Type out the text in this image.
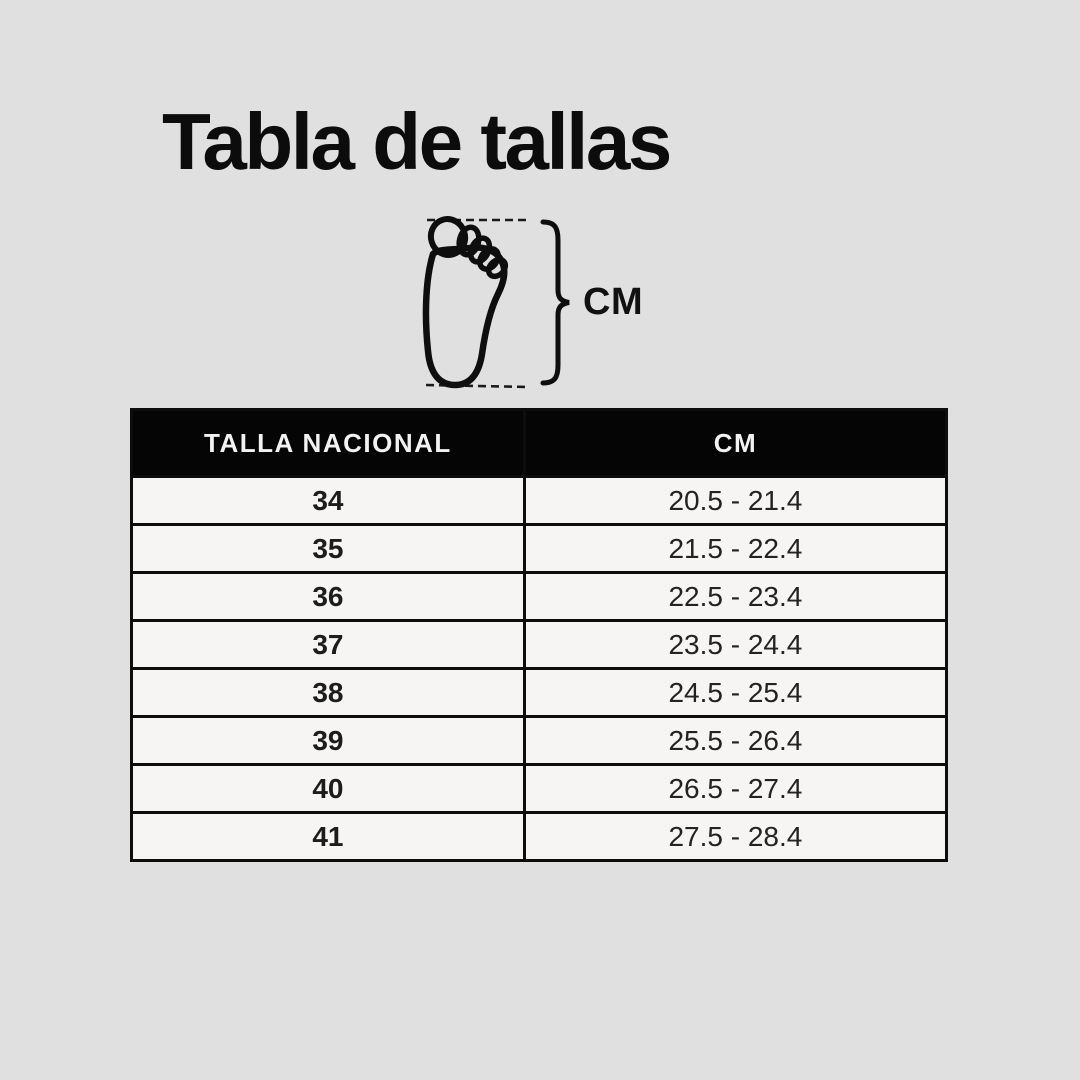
Tabla de tallas
CM
TALLA NACIONAL	CM
34	20.5 - 21.4
35	21.5 - 22.4
36	22.5 - 23.4
37	23.5 - 24.4
38	24.5 - 25.4
39	25.5 - 26.4
40	26.5 - 27.4
41	27.5 - 28.4
